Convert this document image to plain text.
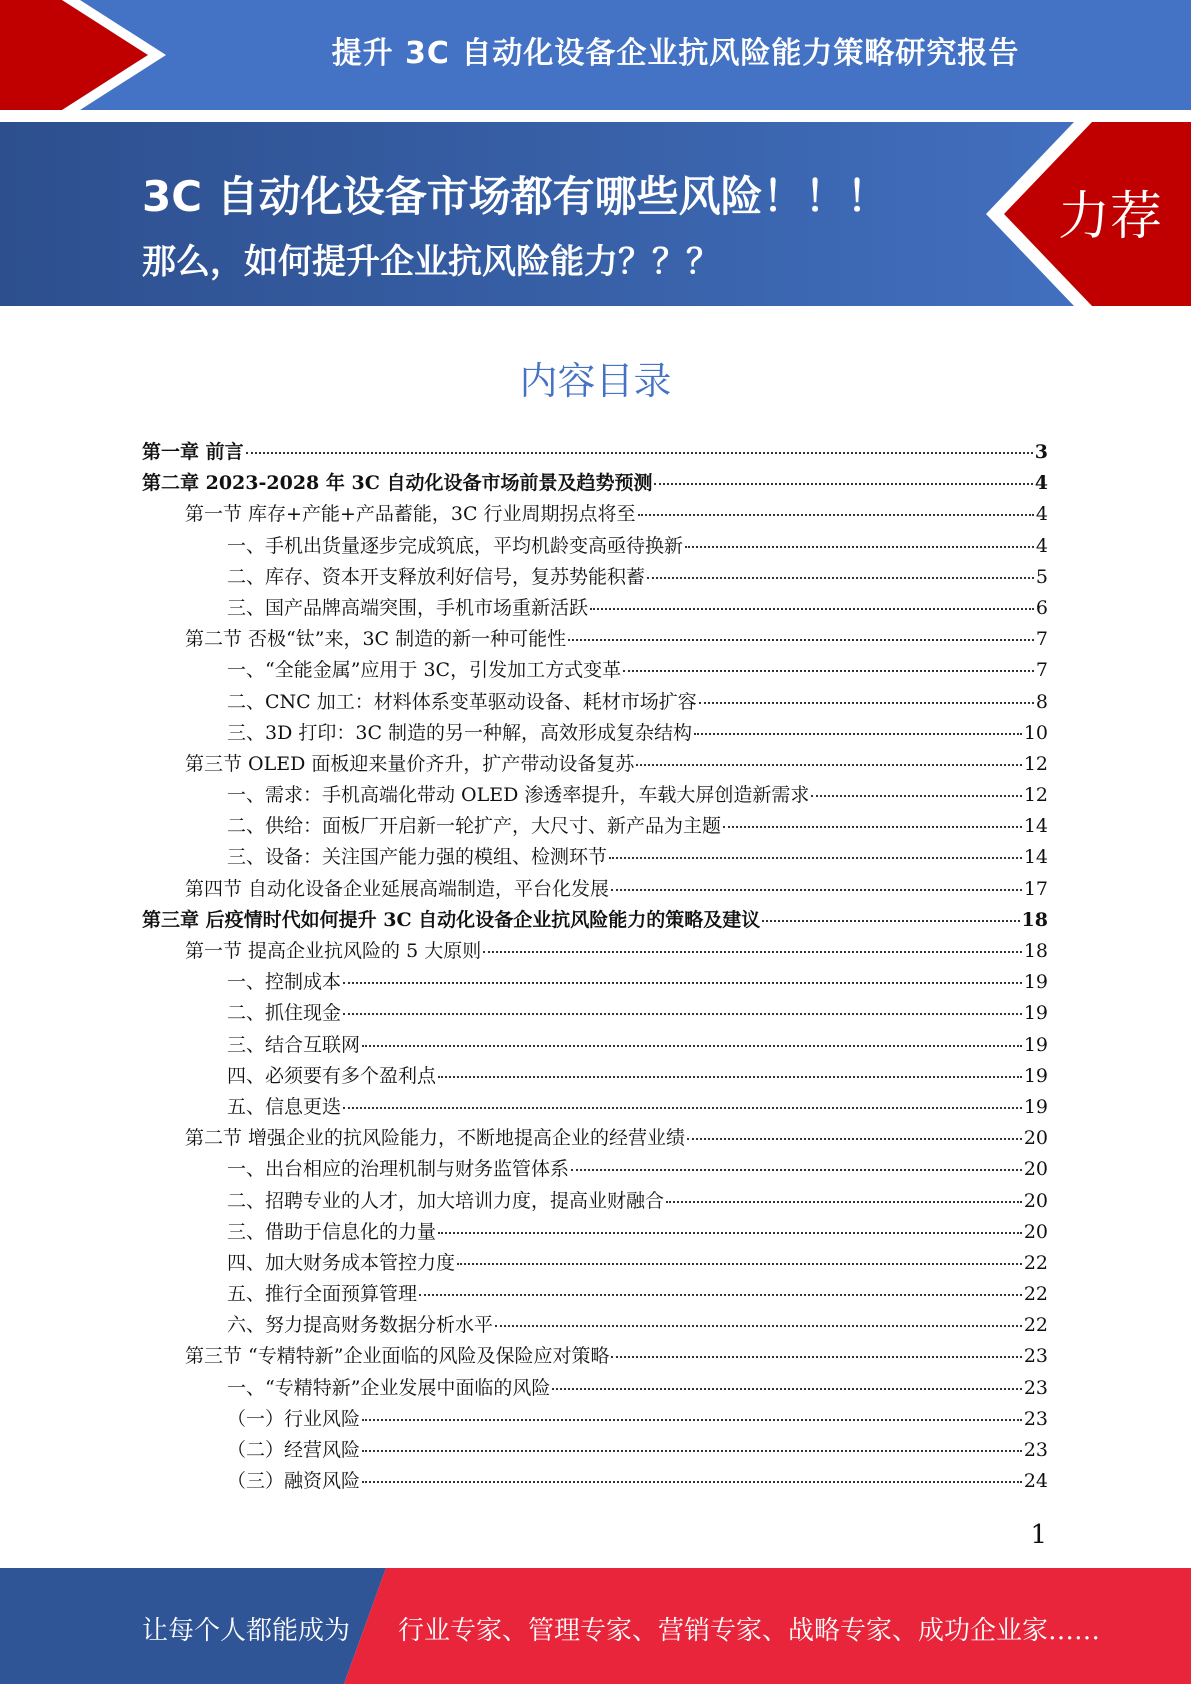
提升 3C 自动化设备企业抗风险能力策略研究报告
3C 自动化设备市场都有哪些风险！！！
那么，如何提升企业抗风险能力？？？
力荐
内容目录
第一章 前言	3
第二章 2023-2028 年 3C 自动化设备市场前景及趋势预测	4
第一节 库存+产能+产品蓄能，3C 行业周期拐点将至	4
一、手机出货量逐步完成筑底，平均机龄变高亟待换新	4
二、库存、资本开支释放利好信号，复苏势能积蓄	5
三、国产品牌高端突围，手机市场重新活跃	6
第二节 否极“钛”来，3C 制造的新一种可能性	7
一、“全能金属”应用于 3C，引发加工方式变革	7
二、CNC 加工：材料体系变革驱动设备、耗材市场扩容	8
三、3D 打印：3C 制造的另一种解，高效形成复杂结构	10
第三节 OLED 面板迎来量价齐升，扩产带动设备复苏	12
一、需求：手机高端化带动 OLED 渗透率提升，车载大屏创造新需求	12
二、供给：面板厂开启新一轮扩产，大尺寸、新产品为主题	14
三、设备：关注国产能力强的模组、检测环节	14
第四节 自动化设备企业延展高端制造，平台化发展	17
第三章 后疫情时代如何提升 3C 自动化设备企业抗风险能力的策略及建议	18
第一节 提高企业抗风险的 5 大原则	18
一、控制成本	19
二、抓住现金	19
三、结合互联网	19
四、必须要有多个盈利点	19
五、信息更迭	19
第二节 增强企业的抗风险能力，不断地提高企业的经营业绩	20
一、出台相应的治理机制与财务监管体系	20
二、招聘专业的人才，加大培训力度，提高业财融合	20
三、借助于信息化的力量	20
四、加大财务成本管控力度	22
五、推行全面预算管理	22
六、努力提高财务数据分析水平	22
第三节 “专精特新”企业面临的风险及保险应对策略	23
一、“专精特新”企业发展中面临的风险	23
（一）行业风险	23
（二）经营风险	23
（三）融资风险	24
1
让每个人都能成为 行业专家、管理专家、营销专家、战略专家、成功企业家……
